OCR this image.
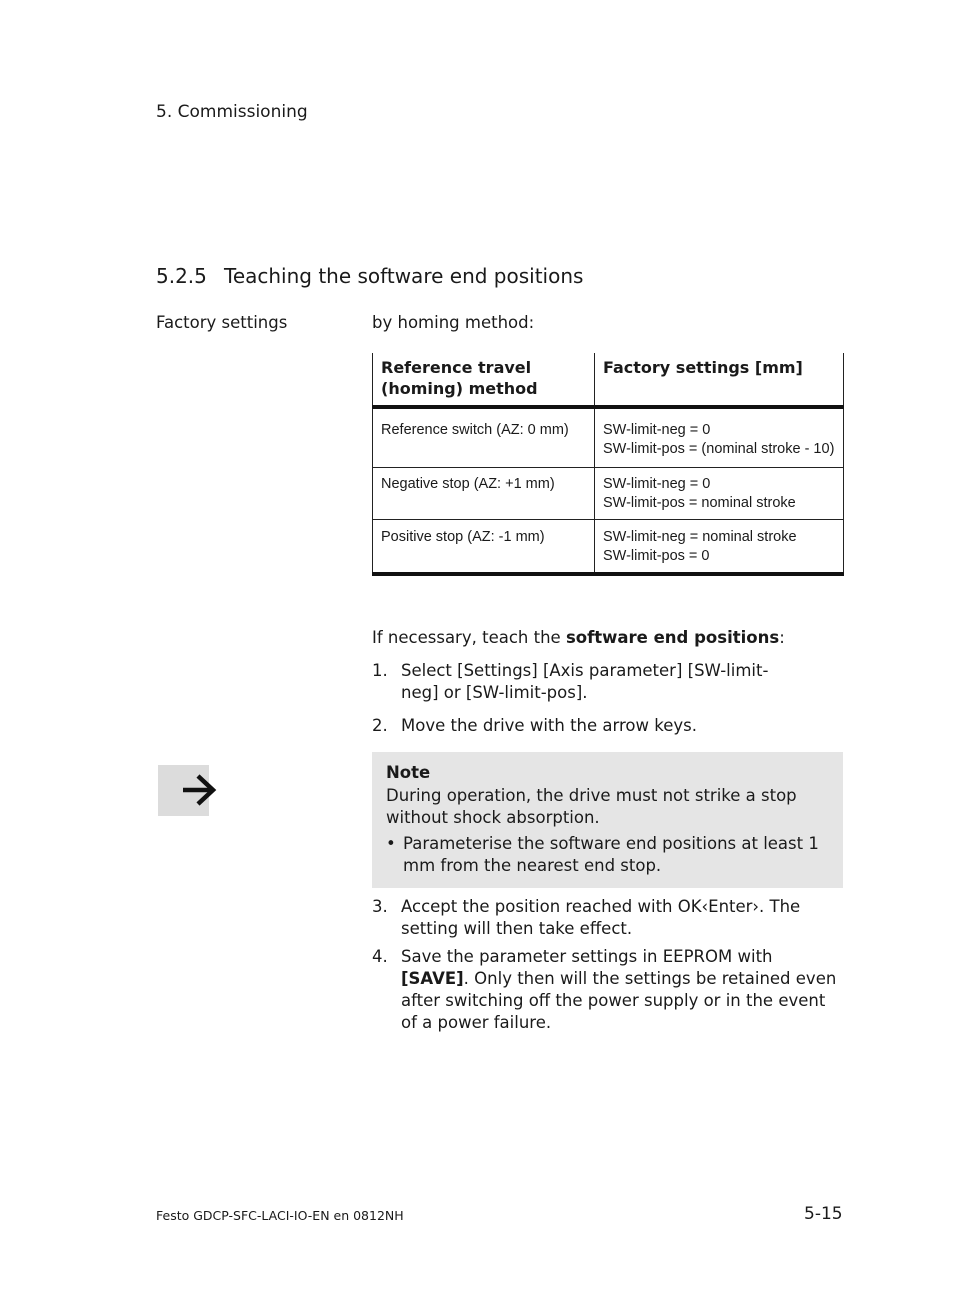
5. Commissioning
5.2.5 Teaching the software end positions
Factory settings	by homing method:
Reference travel (homing) method	Factory settings [mm]
Reference switch (AZ: 0 mm)	SW-limit-neg = 0
SW-limit-pos = (nominal stroke - 10)

Negative stop (AZ: +1 mm)	SW-limit-neg = 0
SW-limit-pos = nominal stroke

Positive stop (AZ: -1 mm)	SW-limit-neg = nominal stroke
SW-limit-pos = 0
If necessary, teach the software end positions:
1. Select [Settings] [Axis parameter] [SW-limit-neg] or [SW-limit-pos].
2. Move the drive with the arrow keys.
Note
During operation, the drive must not strike a stop without shock absorption.
• Parameterise the software end positions at least 1 mm from the nearest end stop.
3. Accept the position reached with OK‹Enter›. The setting will then take effect.
4. Save the parameter settings in EEPROM with [SAVE]. Only then will the settings be retained even after switching off the power supply or in the event of a power failure.
Festo GDCP-SFC-LACI-IO-EN en 0812NH	5-15
